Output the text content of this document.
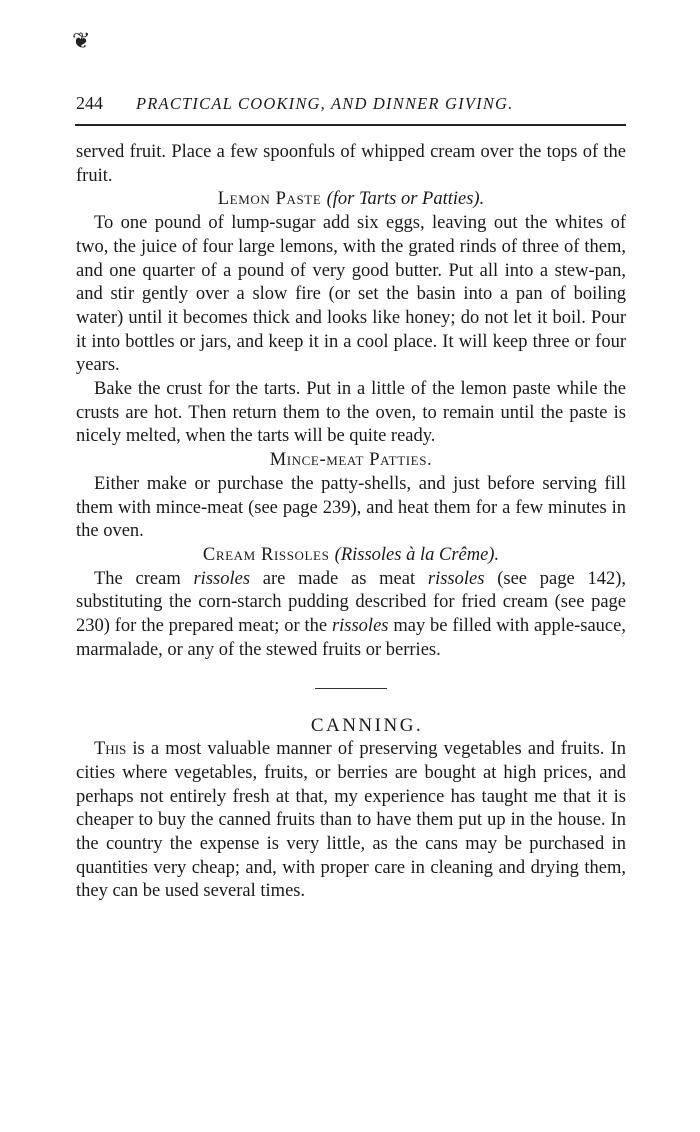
❦
244 PRACTICAL COOKING, AND DINNER GIVING.

served fruit. Place a few spoonfuls of whipped cream over the tops of the fruit.

Lemon Paste (for Tarts or Patties).

To one pound of lump-sugar add six eggs, leaving out the whites of two, the juice of four large lemons, with the grated rinds of three of them, and one quarter of a pound of very good butter. Put all into a stew-pan, and stir gently over a slow fire (or set the basin into a pan of boiling water) until it becomes thick and looks like honey; do not let it boil. Pour it into bottles or jars, and keep it in a cool place. It will keep three or four years.

Bake the crust for the tarts. Put in a little of the lemon paste while the crusts are hot. Then return them to the oven, to remain until the paste is nicely melted, when the tarts will be quite ready.

Mince-meat Patties.

Either make or purchase the patty-shells, and just before serving fill them with mince-meat (see page 239), and heat them for a few minutes in the oven.

Cream Rissoles (Rissoles à la Crême).

The cream rissoles are made as meat rissoles (see page 142), substituting the corn-starch pudding described for fried cream (see page 230) for the prepared meat; or the rissoles may be filled with apple-sauce, marmalade, or any of the stewed fruits or berries.

CANNING.

This is a most valuable manner of preserving vegetables and fruits. In cities where vegetables, fruits, or berries are bought at high prices, and perhaps not entirely fresh at that, my experience has taught me that it is cheaper to buy the canned fruits than to have them put up in the house. In the country the expense is very little, as the cans may be purchased in quantities very cheap; and, with proper care in cleaning and drying them, they can be used several times.
